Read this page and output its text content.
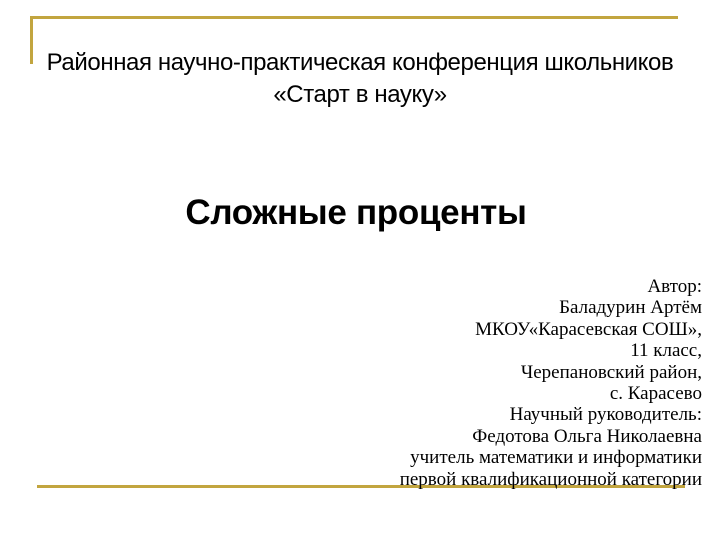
Районная научно-практическая конференция школьников
«Старт в науку»
Сложные проценты
Автор:
Баладурин Артём
МКОУ«Карасевская СОШ»,
11 класс,
Черепановский район,
с. Карасево
Научный руководитель:
Федотова Ольга Николаевна
учитель математики и информатики
первой квалификационной категории
